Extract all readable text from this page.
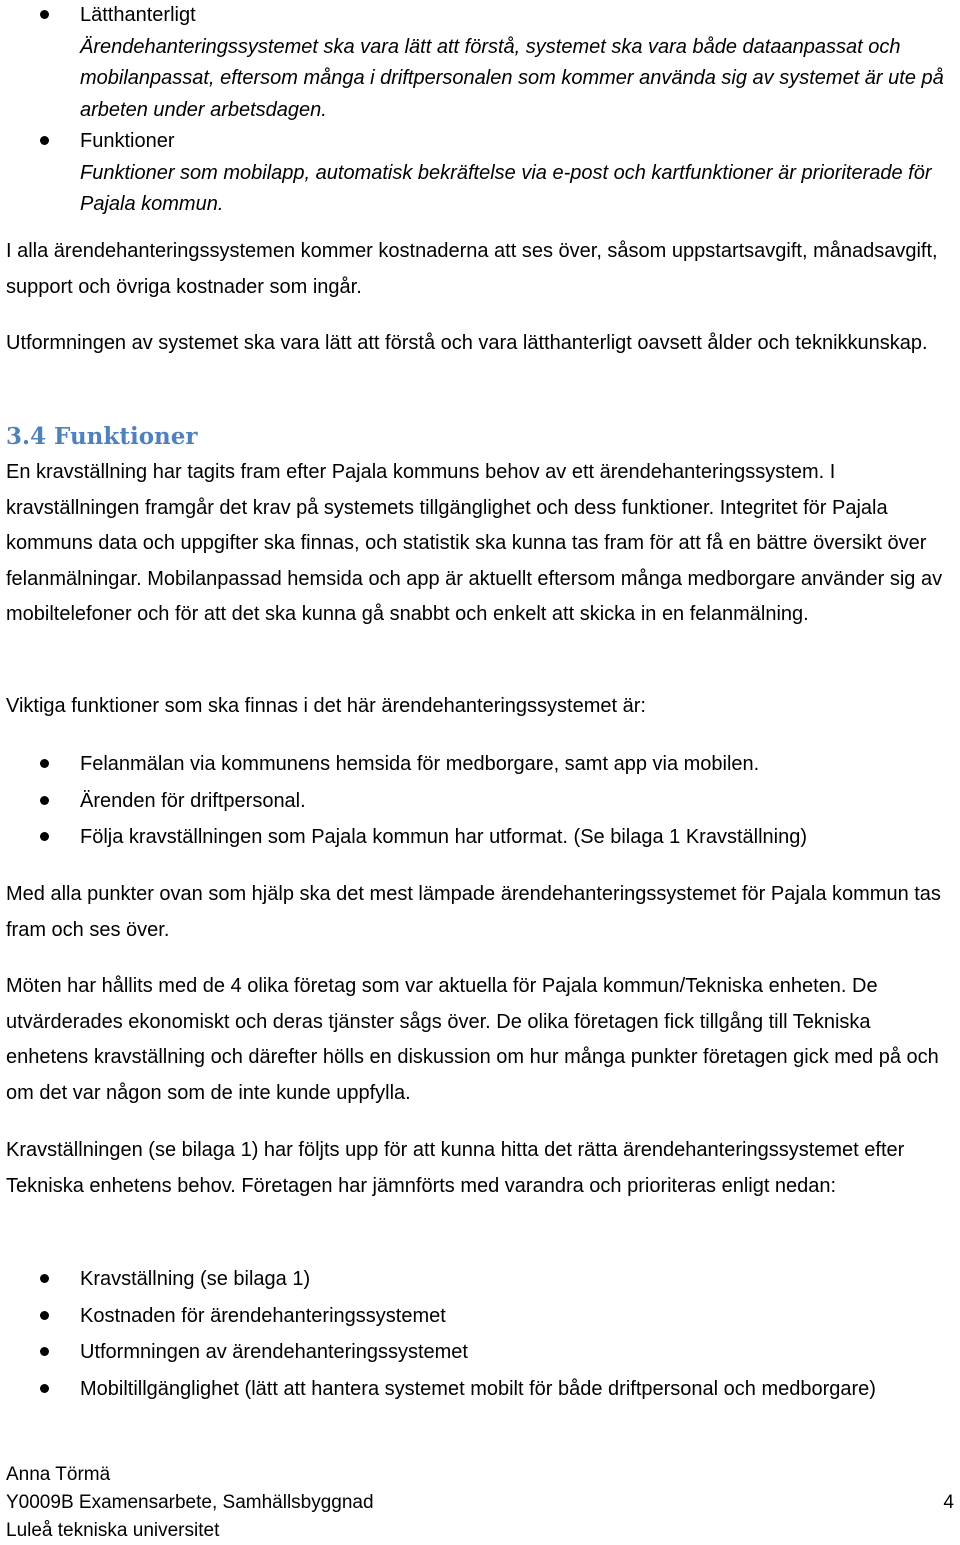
Lätthanterligt
Ärendehanteringssystemet ska vara lätt att förstå, systemet ska vara både dataanpassat och mobilanpassat, eftersom många i driftpersonalen som kommer använda sig av systemet är ute på arbeten under arbetsdagen.
Funktioner
Funktioner som mobilapp, automatisk bekräftelse via e-post och kartfunktioner är prioriterade för Pajala kommun.

I alla ärendehanteringssystemen kommer kostnaderna att ses över, såsom uppstartsavgift, månadsavgift, support och övriga kostnader som ingår.

Utformningen av systemet ska vara lätt att förstå och vara lätthanterligt oavsett ålder och teknikkunskap.

3.4 Funktioner

En kravställning har tagits fram efter Pajala kommuns behov av ett ärendehanteringssystem. I kravställningen framgår det krav på systemets tillgänglighet och dess funktioner. Integritet för Pajala kommuns data och uppgifter ska finnas, och statistik ska kunna tas fram för att få en bättre översikt över felanmälningar. Mobilanpassad hemsida och app är aktuellt eftersom många medborgare använder sig av mobiltelefoner och för att det ska kunna gå snabbt och enkelt att skicka in en felanmälning.

Viktiga funktioner som ska finnas i det här ärendehanteringssystemet är:

Felanmälan via kommunens hemsida för medborgare, samt app via mobilen.
Ärenden för driftpersonal.
Följa kravställningen som Pajala kommun har utformat. (Se bilaga 1 Kravställning)

Med alla punkter ovan som hjälp ska det mest lämpade ärendehanteringssystemet för Pajala kommun tas fram och ses över.

Möten har hållits med de 4 olika företag som var aktuella för Pajala kommun/Tekniska enheten. De utvärderades ekonomiskt och deras tjänster sågs över. De olika företagen fick tillgång till Tekniska enhetens kravställning och därefter hölls en diskussion om hur många punkter företagen gick med på och om det var någon som de inte kunde uppfylla.

Kravställningen (se bilaga 1) har följts upp för att kunna hitta det rätta ärendehanteringssystemet efter Tekniska enhetens behov. Företagen har jämnförts med varandra och prioriteras enligt nedan:

Kravställning (se bilaga 1)
Kostnaden för ärendehanteringssystemet
Utformningen av ärendehanteringssystemet
Mobiltillgänglighet (lätt att hantera systemet mobilt för både driftpersonal och medborgare)
Anna Törmä
Y0009B Examensarbete, Samhällsbyggnad
Luleå tekniska universitet
4
